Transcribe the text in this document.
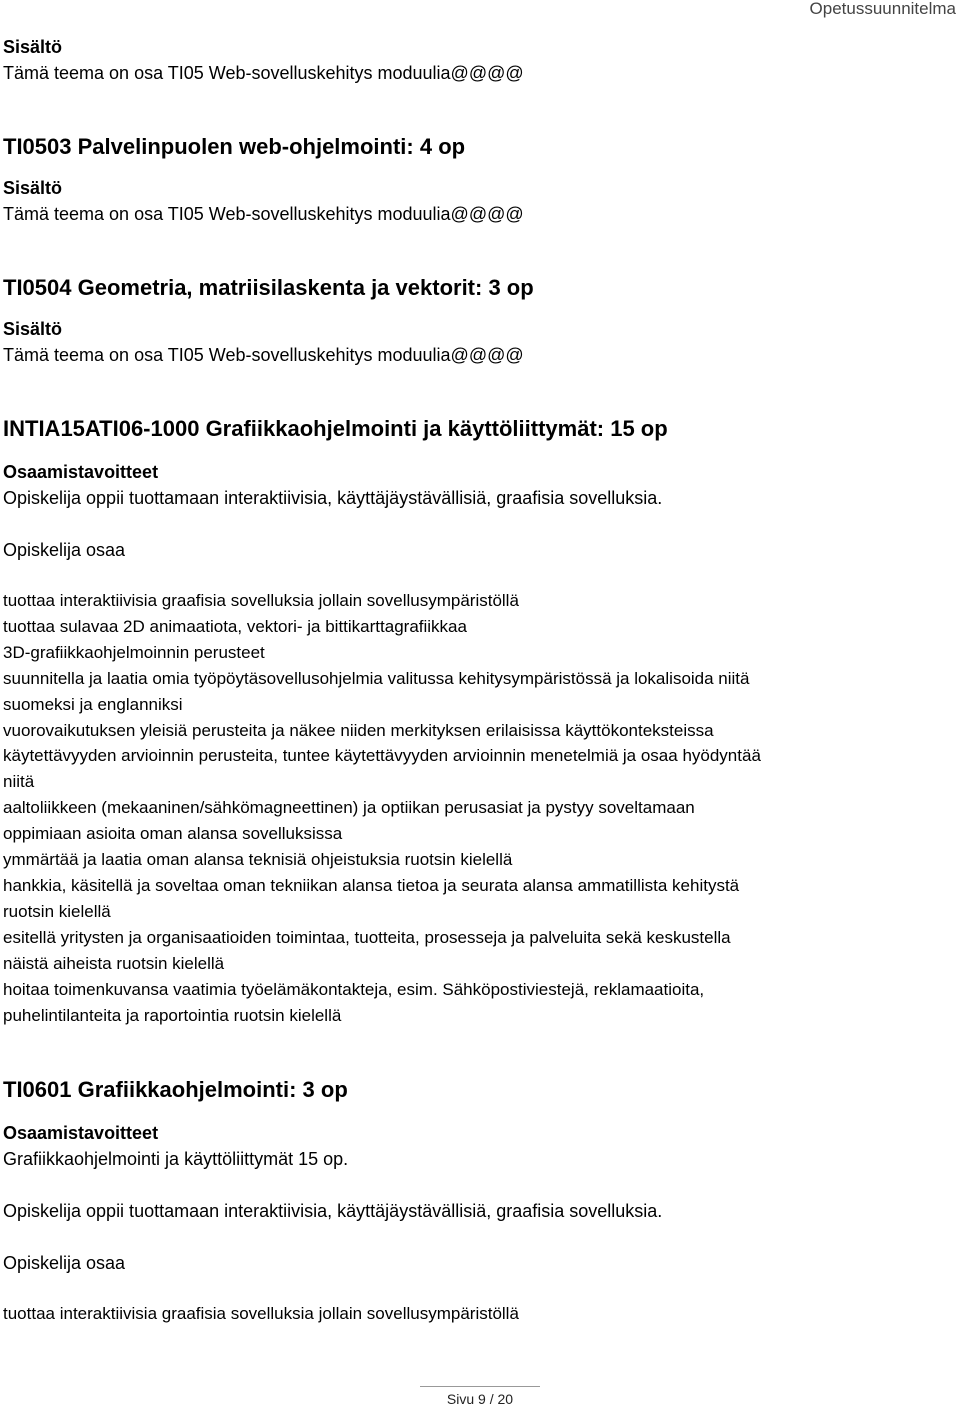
Opetussuunnitelma
Sisältö
Tämä teema on osa TI05 Web-sovelluskehitys moduulia@@@@
TI0503 Palvelinpuolen web-ohjelmointi: 4 op
Sisältö
Tämä teema on osa TI05 Web-sovelluskehitys moduulia@@@@
TI0504 Geometria, matriisilaskenta ja vektorit: 3 op
Sisältö
Tämä teema on osa TI05 Web-sovelluskehitys moduulia@@@@
INTIA15ATI06-1000 Grafiikkaohjelmointi ja käyttöliittymät: 15 op
Osaamistavoitteet
Opiskelija oppii tuottamaan interaktiivisia, käyttäjäystävällisiä, graafisia sovelluksia.
Opiskelija osaa
tuottaa interaktiivisia graafisia sovelluksia jollain sovellusympäristöllä
tuottaa sulavaa 2D animaatiota, vektori- ja bittikarttagrafiikkaa
3D-grafiikkaohjelmoinnin perusteet
suunnitella ja laatia omia työpöytäsovellusohjelmia valitussa kehitysympäristössä ja lokalisoida niitä
suomeksi ja englanniksi
vuorovaikutuksen yleisiä perusteita ja näkee niiden merkityksen erilaisissa käyttökonteksteissa
käytettävyyden arvioinnin perusteita, tuntee käytettävyyden arvioinnin menetelmiä ja osaa hyödyntää
niitä
aaltoliikkeen (mekaaninen/sähkömagneettinen) ja optiikan perusasiat ja pystyy soveltamaan
oppimiaan asioita oman alansa sovelluksissa
ymmärtää ja laatia oman alansa teknisiä ohjeistuksia ruotsin kielellä
hankkia, käsitellä ja soveltaa oman tekniikan alansa tietoa ja seurata alansa ammatillista kehitystä
ruotsin kielellä
esitellä yritysten ja organisaatioiden toimintaa, tuotteita, prosesseja ja palveluita sekä keskustella
näistä aiheista ruotsin kielellä
hoitaa toimenkuvansa vaatimia työelämäkontakteja, esim. Sähköpostiviestejä, reklamaatioita,
puhelintilanteita ja raportointia ruotsin kielellä
TI0601 Grafiikkaohjelmointi: 3 op
Osaamistavoitteet
Grafiikkaohjelmointi ja käyttöliittymät 15 op.
Opiskelija oppii tuottamaan interaktiivisia, käyttäjäystävällisiä, graafisia sovelluksia.
Opiskelija osaa
tuottaa interaktiivisia graafisia sovelluksia jollain sovellusympäristöllä
Sivu 9 / 20
